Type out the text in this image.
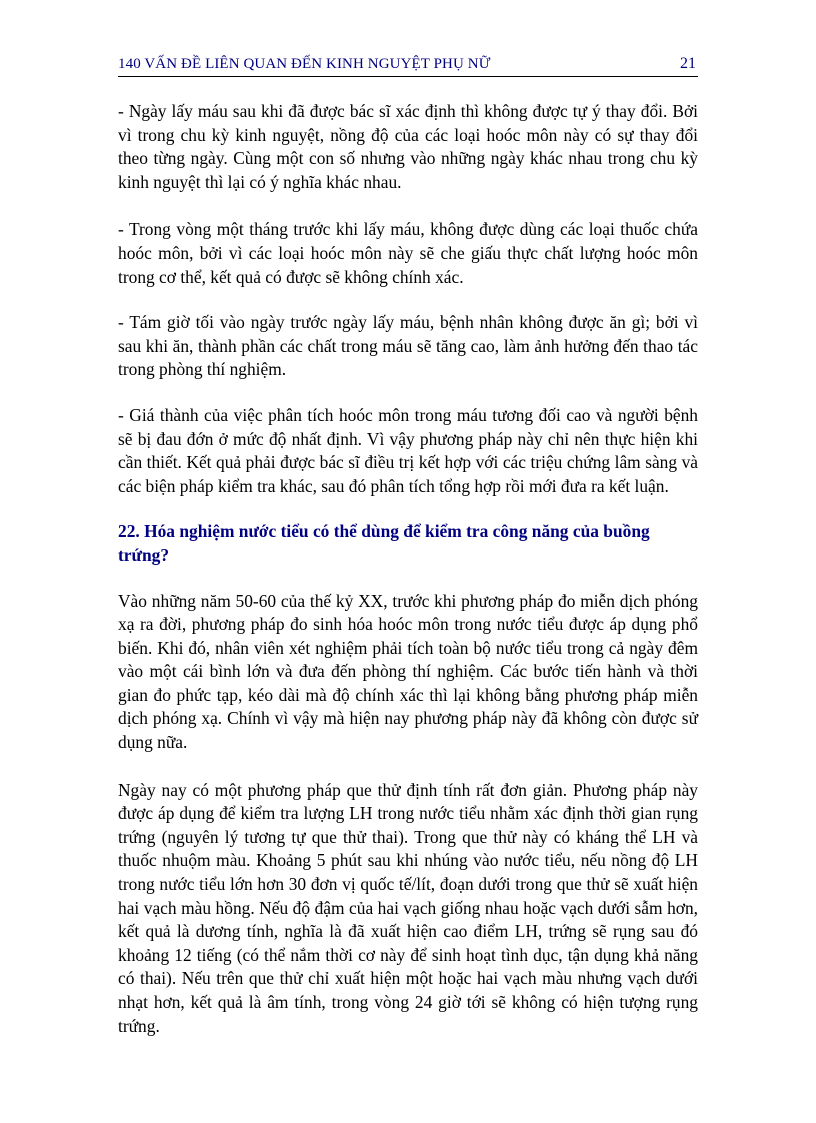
140 VẤN ĐỀ LIÊN QUAN ĐẾN KINH NGUYỆT PHỤ NỮ	21

- Ngày lấy máu sau khi đã được bác sĩ xác định thì không được tự ý thay đổi. Bởi vì trong chu kỳ kinh nguyệt, nồng độ của các loại hoóc môn này có sự thay đổi theo từng ngày. Cùng một con số nhưng vào những ngày khác nhau trong chu kỳ kinh nguyệt thì lại có ý nghĩa khác nhau.

- Trong vòng một tháng trước khi lấy máu, không được dùng các loại thuốc chứa hoóc môn, bởi vì các loại hoóc môn này sẽ che giấu thực chất lượng hoóc môn trong cơ thể, kết quả có được sẽ không chính xác.

- Tám giờ tối vào ngày trước ngày lấy máu, bệnh nhân không được ăn gì; bởi vì sau khi ăn, thành phần các chất trong máu sẽ tăng cao, làm ảnh hưởng đến thao tác trong phòng thí nghiệm.

- Giá thành của việc phân tích hoóc môn trong máu tương đối cao và người bệnh sẽ bị đau đớn ở mức độ nhất định. Vì vậy phương pháp này chỉ nên thực hiện khi cần thiết. Kết quả phải được bác sĩ điều trị kết hợp với các triệu chứng lâm sàng và các biện pháp kiểm tra khác, sau đó phân tích tổng hợp rồi mới đưa ra kết luận.

22. Hóa nghiệm nước tiểu có thể dùng để kiểm tra công năng của buồng trứng?

Vào những năm 50-60 của thế kỷ XX, trước khi phương pháp đo miễn dịch phóng xạ ra đời, phương pháp đo sinh hóa hoóc môn trong nước tiểu được áp dụng phổ biến. Khi đó, nhân viên xét nghiệm phải tích toàn bộ nước tiểu trong cả ngày đêm vào một cái bình lớn và đưa đến phòng thí nghiệm. Các bước tiến hành và thời gian đo phức tạp, kéo dài mà độ chính xác thì lại không bằng phương pháp miễn dịch phóng xạ. Chính vì vậy mà hiện nay phương pháp này đã không còn được sử dụng nữa.

Ngày nay có một phương pháp que thử định tính rất đơn giản. Phương pháp này được áp dụng để kiểm tra lượng LH trong nước tiểu nhằm xác định thời gian rụng trứng (nguyên lý tương tự que thử thai). Trong que thử này có kháng thể LH và thuốc nhuộm màu. Khoảng 5 phút sau khi nhúng vào nước tiểu, nếu nồng độ LH trong nước tiểu lớn hơn 30 đơn vị quốc tế/lít, đoạn dưới trong que thử sẽ xuất hiện hai vạch màu hồng. Nếu độ đậm của hai vạch giống nhau hoặc vạch dưới sẫm hơn, kết quả là dương tính, nghĩa là đã xuất hiện cao điểm LH, trứng sẽ rụng sau đó khoảng 12 tiếng (có thể nắm thời cơ này để sinh hoạt tình dục, tận dụng khả năng có thai). Nếu trên que thử chỉ xuất hiện một hoặc hai vạch màu nhưng vạch dưới nhạt hơn, kết quả là âm tính, trong vòng 24 giờ tới sẽ không có hiện tượng rụng trứng.
